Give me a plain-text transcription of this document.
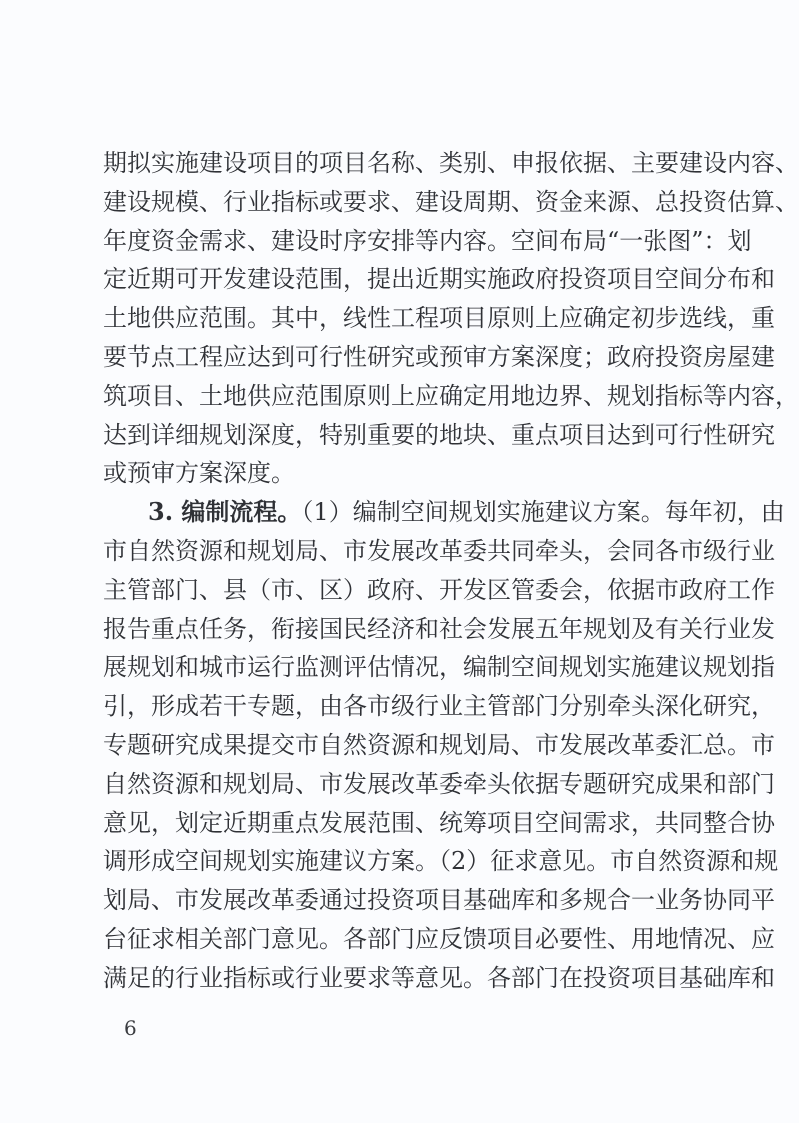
期拟实施建设项目的项目名称、类别、申报依据、主要建设内容、
建设规模、行业指标或要求、建设周期、资金来源、总投资估算、
年度资金需求、建设时序安排等内容。空间布局“一张图”：划
定近期可开发建设范围，提出近期实施政府投资项目空间分布和
土地供应范围。其中，线性工程项目原则上应确定初步选线，重
要节点工程应达到可行性研究或预审方案深度；政府投资房屋建
筑项目、土地供应范围原则上应确定用地边界、规划指标等内容，
达到详细规划深度，特别重要的地块、重点项目达到可行性研究
或预审方案深度。
3. 编制流程。（1）编制空间规划实施建议方案。每年初，由
市自然资源和规划局、市发展改革委共同牵头，会同各市级行业
主管部门、县（市、区）政府、开发区管委会，依据市政府工作
报告重点任务，衔接国民经济和社会发展五年规划及有关行业发
展规划和城市运行监测评估情况，编制空间规划实施建议规划指
引，形成若干专题，由各市级行业主管部门分别牵头深化研究，
专题研究成果提交市自然资源和规划局、市发展改革委汇总。市
自然资源和规划局、市发展改革委牵头依据专题研究成果和部门
意见，划定近期重点发展范围、统筹项目空间需求，共同整合协
调形成空间规划实施建议方案。（2）征求意见。市自然资源和规
划局、市发展改革委通过投资项目基础库和多规合一业务协同平
台征求相关部门意见。各部门应反馈项目必要性、用地情况、应
满足的行业指标或行业要求等意见。各部门在投资项目基础库和
6
